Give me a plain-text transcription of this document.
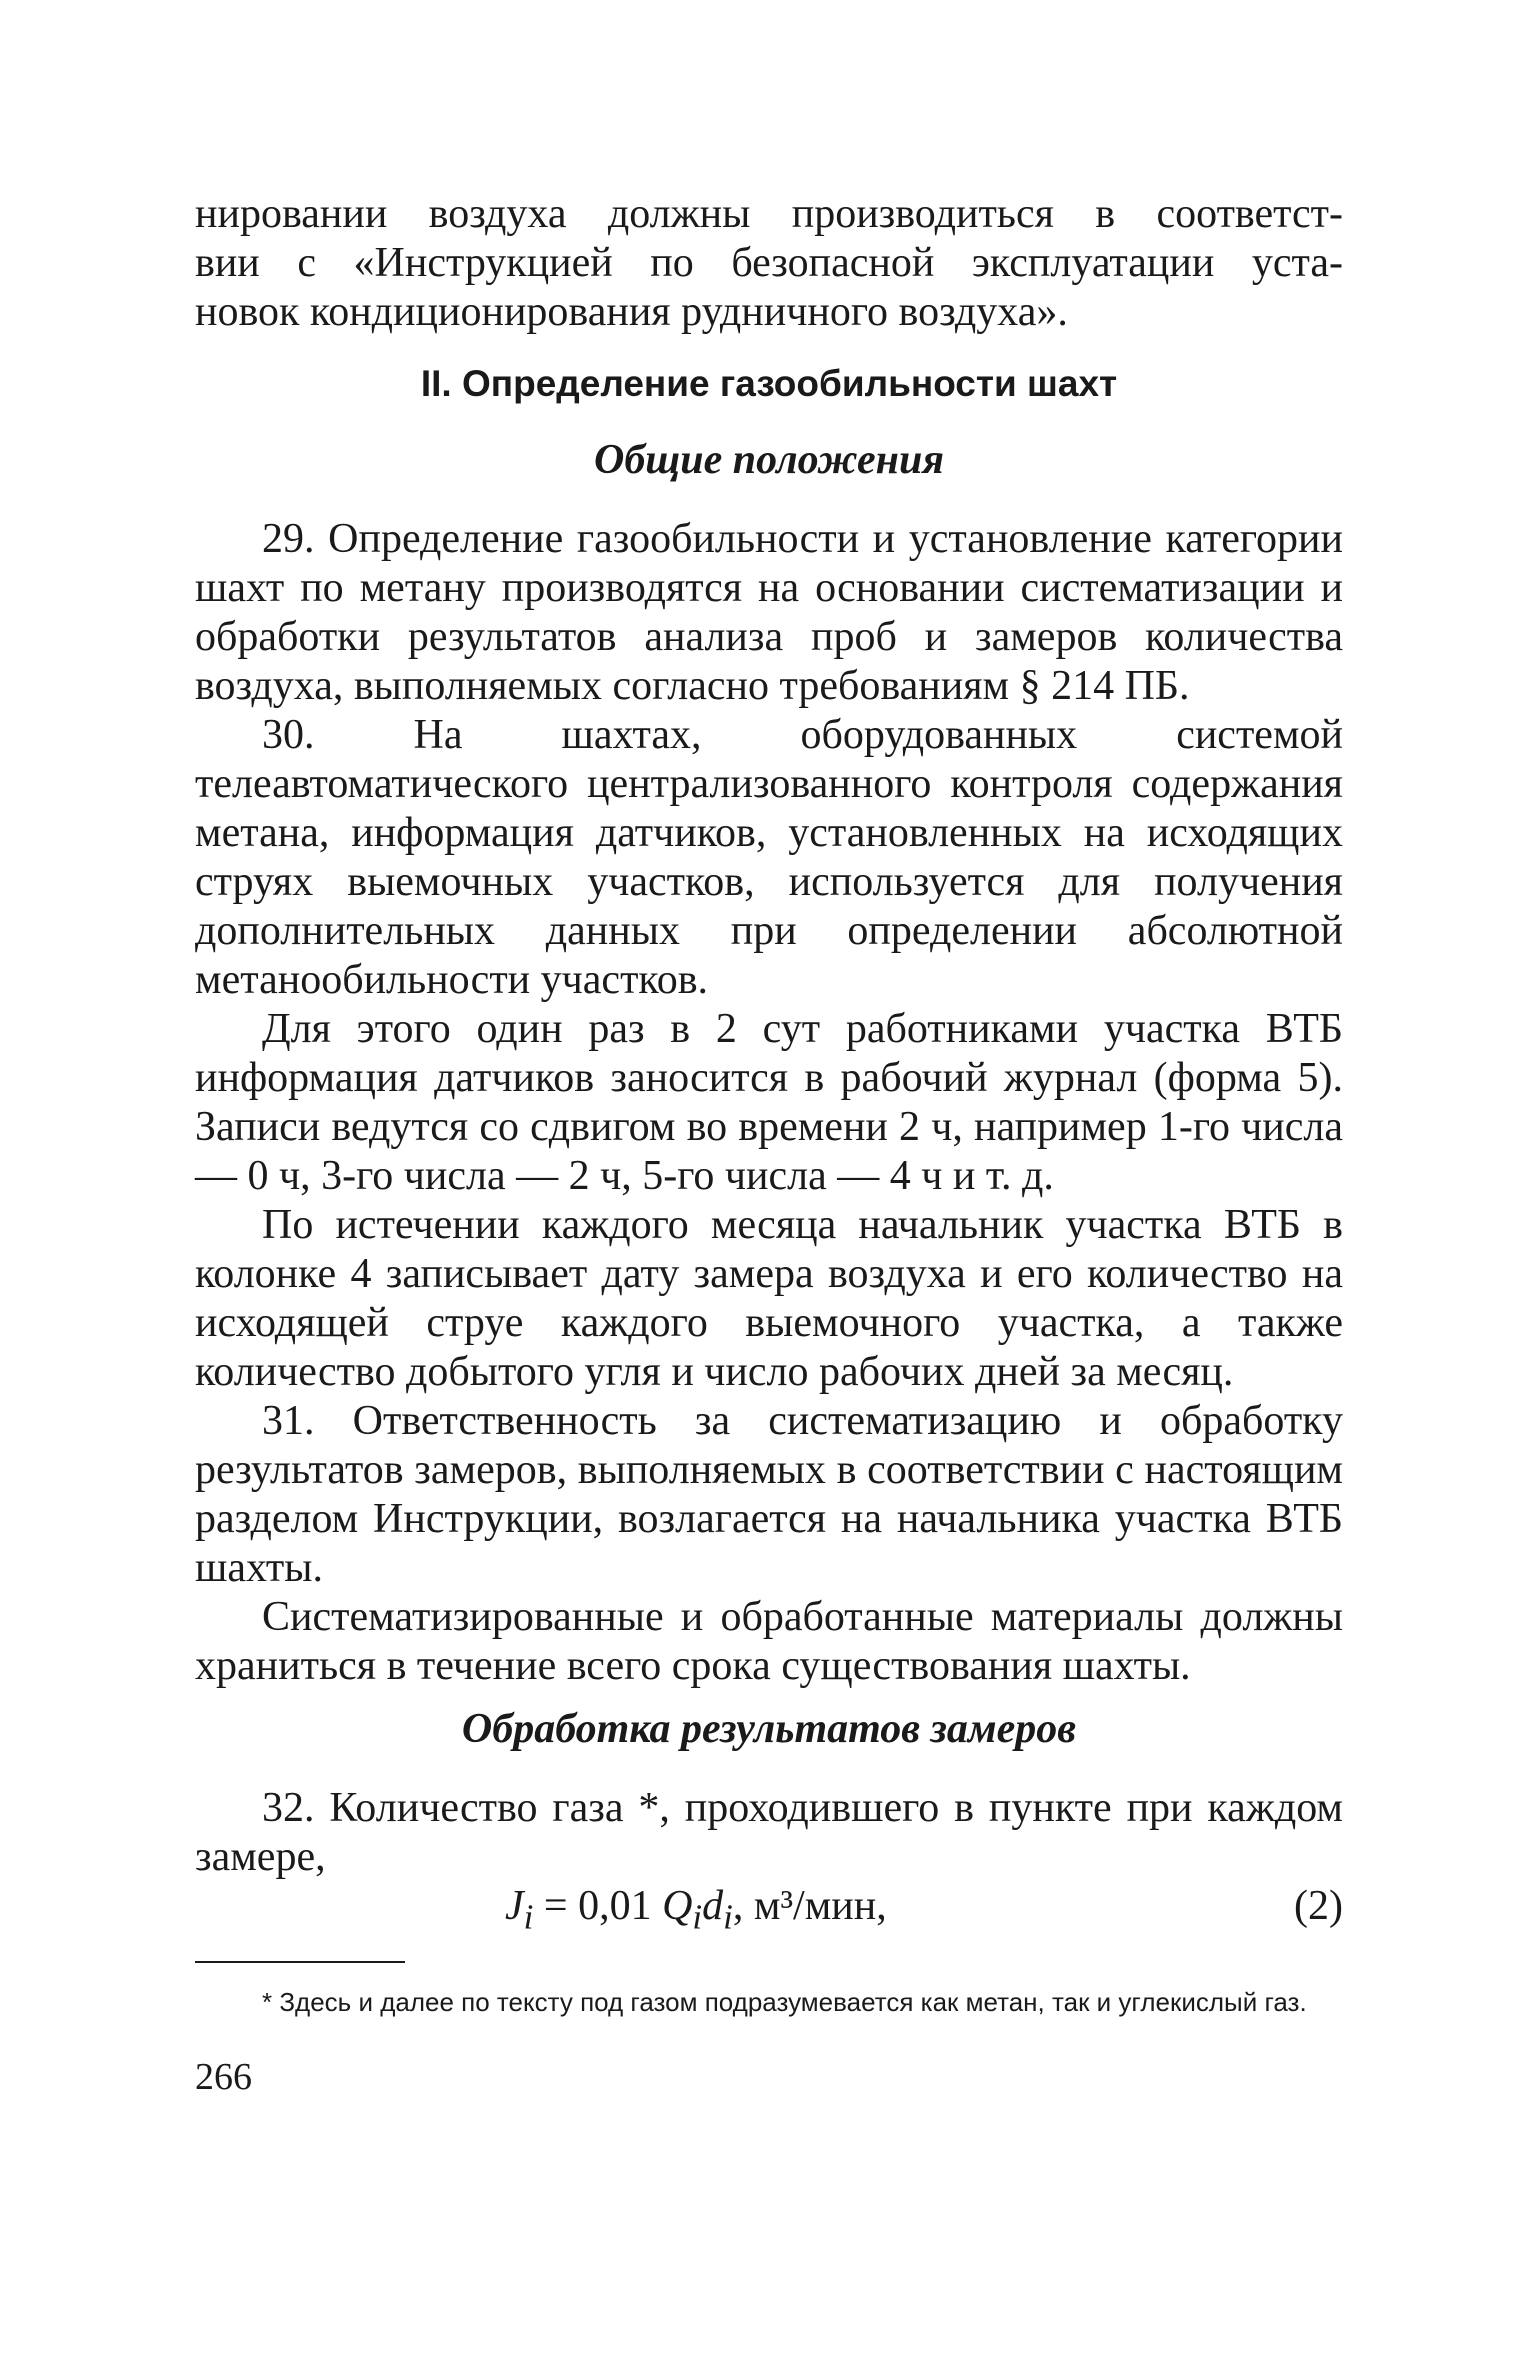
нировании воздуха должны производиться в соответст-

вии с «Инструкцией по безопасной эксплуатации уста-

новок кондиционирования рудничного воздуха».

II. Определение газообильности шахт
Общие положения

29. Определение газообильности и установление категории шахт по метану производятся на основании систематизации и обработки результатов анализа проб и замеров количества воздуха, выполняемых согласно требованиям § 214 ПБ.

30. На шахтах, оборудованных системой телеавтоматического централизованного контроля содержания метана, информация датчиков, установленных на исходящих струях выемочных участков, используется для получения дополнительных данных при определении абсолютной метанообильности участков.

Для этого один раз в 2 сут работниками участка ВТБ информация датчиков заносится в рабочий журнал (форма 5). Записи ведутся со сдвигом во времени 2 ч, например 1-го числа — 0 ч, 3-го числа — 2 ч, 5-го числа — 4 ч и т. д.

По истечении каждого месяца начальник участка ВТБ в колонке 4 записывает дату замера воздуха и его количество на исходящей струе каждого выемочного участка, а также количество добытого угля и число рабочих дней за месяц.

31. Ответственность за систематизацию и обработку результатов замеров, выполняемых в соответствии с настоящим разделом Инструкции, возлагается на начальника участка ВТБ шахты.

Систематизированные и обработанные материалы должны храниться в течение всего срока существования шахты.

Обработка результатов замеров

32. Количество газа *, проходившего в пункте при каждом замере,

$J_i = 0,01$ $Q_id_i$, м³/мин,	(2)

* Здесь и далее по тексту под газом подразумевается как метан, так и углекислый газ.

266
